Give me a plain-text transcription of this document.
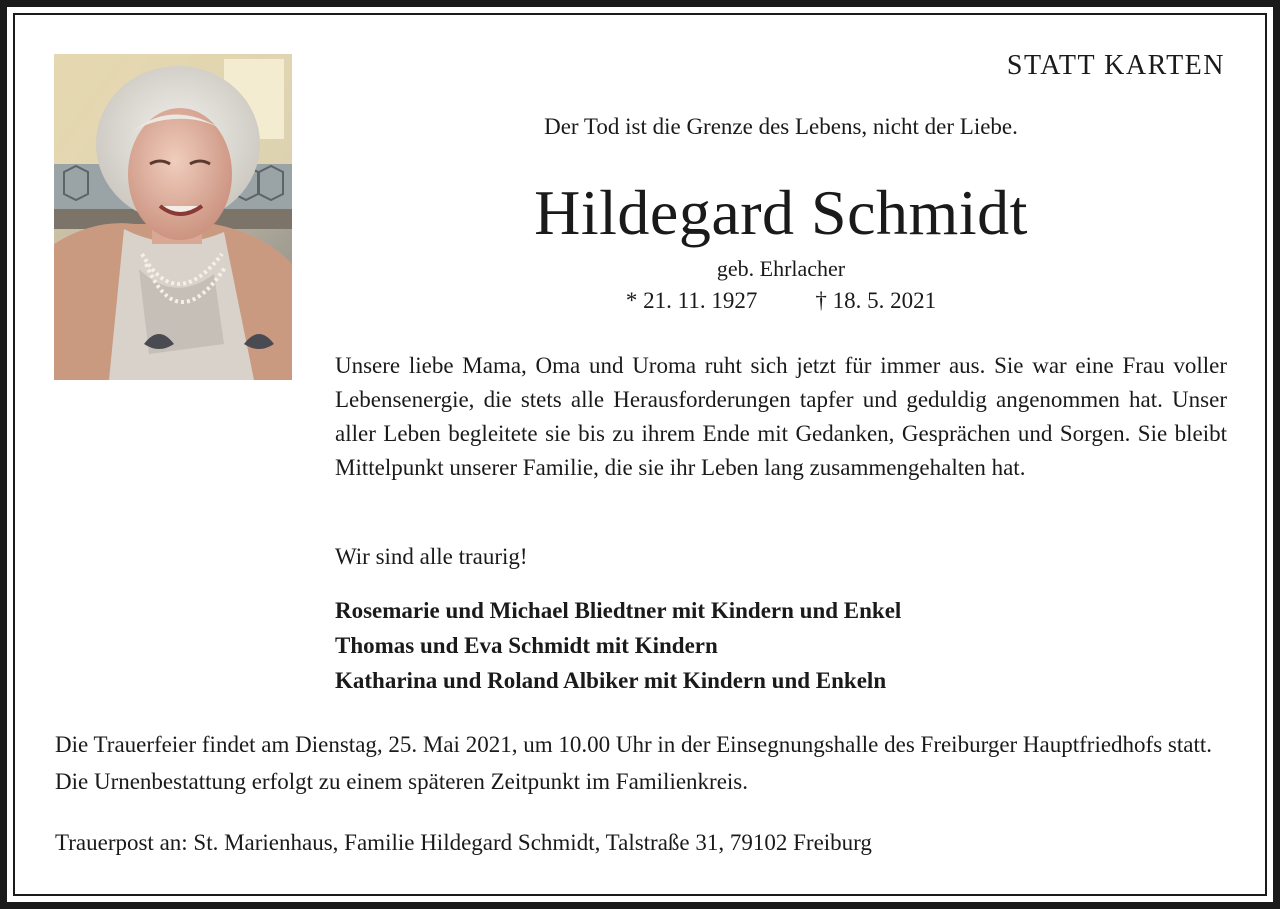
STATT KARTEN
Der Tod ist die Grenze des Lebens, nicht der Liebe.
Hildegard Schmidt
geb. Ehrlacher
* 21. 11. 1927	† 18. 5. 2021
Unsere liebe Mama, Oma und Uroma ruht sich jetzt für immer aus. Sie war eine Frau voller Lebensenergie, die stets alle Herausforderungen tapfer und geduldig angenommen hat. Unser aller Leben begleitete sie bis zu ihrem Ende mit Gedanken, Gesprächen und Sorgen. Sie bleibt Mittelpunkt unserer Familie, die sie ihr Leben lang zusammengehalten hat.
Wir sind alle traurig!
Rosemarie und Michael Bliedtner mit Kindern und Enkel
Thomas und Eva Schmidt mit Kindern
Katharina und Roland Albiker mit Kindern und Enkeln
Die Trauerfeier findet am Dienstag, 25. Mai 2021, um 10.00 Uhr in der Einsegnungshalle des Freiburger Hauptfriedhofs statt. Die Urnenbestattung erfolgt zu einem späteren Zeitpunkt im Familienkreis.
Trauerpost an: St. Marienhaus, Familie Hildegard Schmidt, Talstraße 31, 79102 Freiburg
